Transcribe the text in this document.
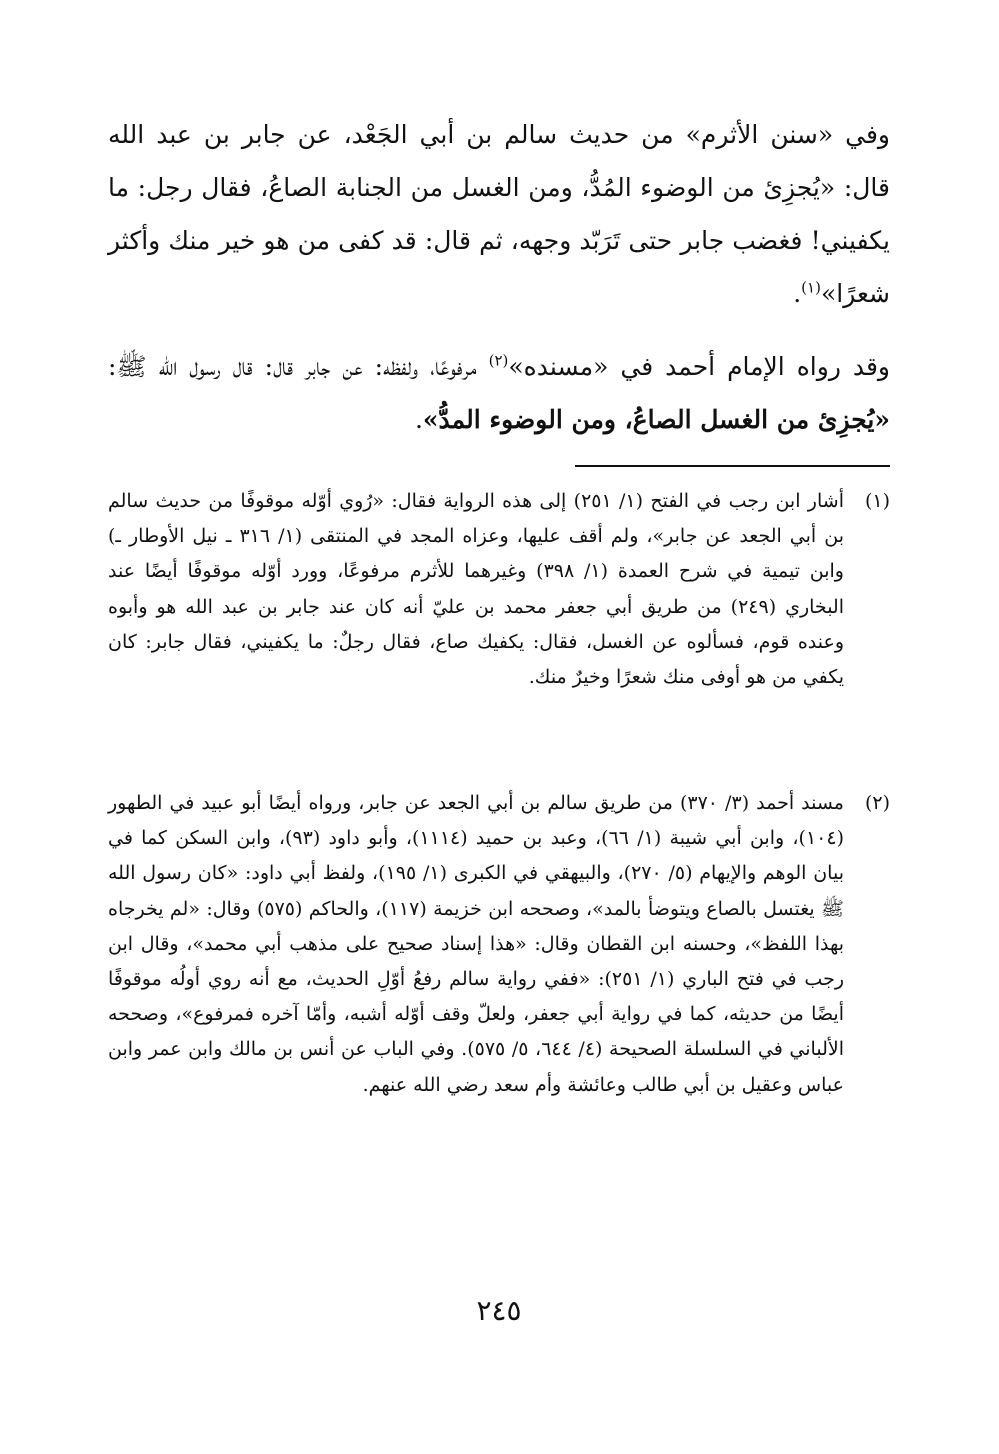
وفي «سنن الأثرم» من حديث سالم بن أبي الجَعْد، عن جابر بن عبد الله قال: «يُجزِئ من الوضوء المُدُّ، ومن الغسل من الجنابة الصاعُ، فقال رجل: ما يكفيني! فغضب جابر حتى تَرَبّد وجهه، ثم قال: قد كفى من هو خير منك وأكثر شعرًا»$^{(١)}$.

وقد رواه الإمام أحمد في «مسنده»$^{(٢)}$ مرفوعًا، ولفظه: عن جابر قال: قال رسول الله ﷺ: «يُجزِئ من الغسل الصاعُ، ومن الوضوء المدُّ».

(١)
أشار ابن رجب في الفتح (١/ ٢٥١) إلى هذه الرواية فقال: «رُوي أوّله موقوفًا من حديث سالم بن أبي الجعد عن جابر»، ولم أقف عليها، وعزاه المجد في المنتقى (١/ ٣١٦ ـ نيل الأوطار ـ) وابن تيمية في شرح العمدة (١/ ٣٩٨) وغيرهما للأثرم مرفوعًا، وورد أوّله موقوفًا أيضًا عند البخاري (٢٤٩) من طريق أبي جعفر محمد بن عليّ أنه كان عند جابر بن عبد الله هو وأبوه وعنده قوم، فسألوه عن الغسل، فقال: يكفيك صاع، فقال رجلٌ: ما يكفيني، فقال جابر: كان يكفي من هو أوفى منك شعرًا وخيرٌ منك.
(٢)
مسند أحمد (٣/ ٣٧٠) من طريق سالم بن أبي الجعد عن جابر، ورواه أيضًا أبو عبيد في الطهور (١٠٤)، وابن أبي شيبة (١/ ٦٦)، وعبد بن حميد (١١١٤)، وأبو داود (٩٣)، وابن السكن كما في بيان الوهم والإيهام (٥/ ٢٧٠)، والبيهقي في الكبرى (١/ ١٩٥)، ولفظ أبي داود: «كان رسول الله ﷺ يغتسل بالصاع ويتوضأ بالمد»، وصححه ابن خزيمة (١١٧)، والحاكم (٥٧٥) وقال: «لم يخرجاه بهذا اللفظ»، وحسنه ابن القطان وقال: «هذا إسناد صحيح على مذهب أبي محمد»، وقال ابن رجب في فتح الباري (١/ ٢٥١): «ففي رواية سالم رفعُ أوّلِ الحديث، مع أنه روي أولُه موقوفًا أيضًا من حديثه، كما في رواية أبي جعفر، ولعلّ وقف أوّله أشبه، وأمّا آخره فمرفوع»، وصححه الألباني في السلسلة الصحيحة (٤/ ٦٤٤، ٥/ ٥٧٥). وفي الباب عن أنس بن مالك وابن عمر وابن عباس وعقيل بن أبي طالب وعائشة وأم سعد رضي الله عنهم.
٢٤٥
